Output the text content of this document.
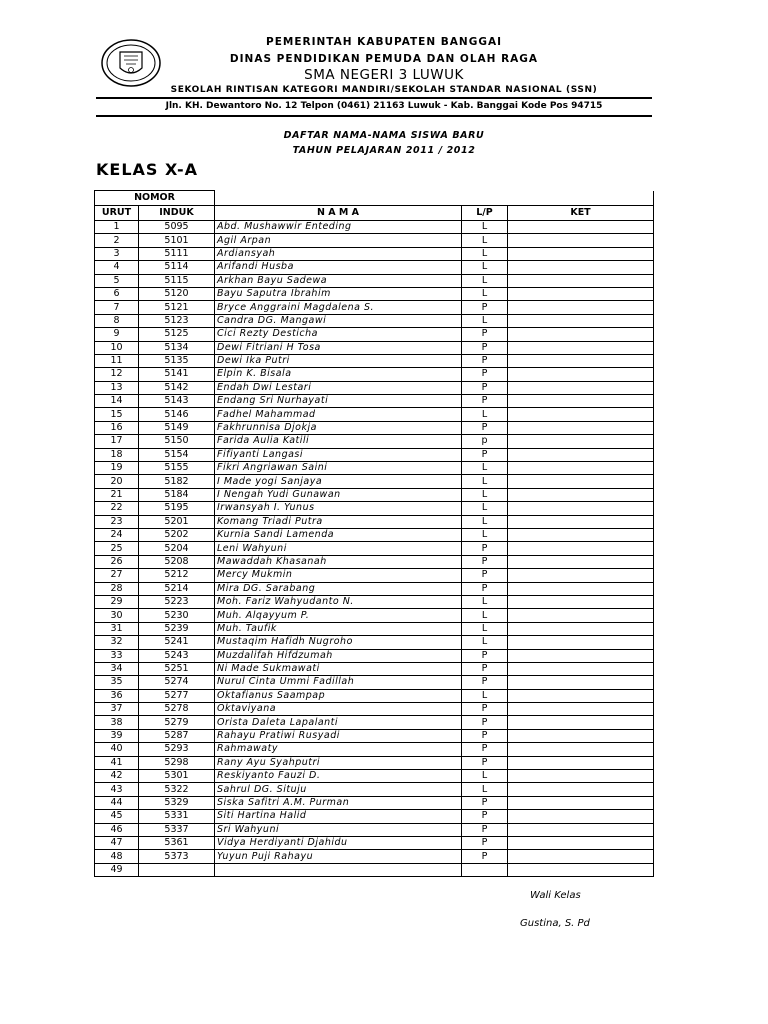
PEMERINTAH KABUPATEN BANGGAI
DINAS PENDIDIKAN PEMUDA DAN OLAH RAGA
SMA NEGERI 3 LUWUK
SEKOLAH RINTISAN KATEGORI MANDIRI/SEKOLAH STANDAR NASIONAL (SSN)
Jln. KH. Dewantoro No. 12 Telpon (0461) 21163 Luwuk - Kab. Banggai Kode Pos 94715
DAFTAR NAMA-NAMA SISWA BARU
TAHUN PELAJARAN 2011 / 2012
KELAS X-A
NOMOR				
URUT	INDUK	N A M A	L/P	KET
1	5095	Abd. Mushawwir Enteding	L	
2	5101	Agil Arpan	L	
3	5111	Ardiansyah	L	
4	5114	Arifandi Husba	L	
5	5115	Arkhan Bayu Sadewa	L	
6	5120	Bayu Saputra Ibrahim	L	
7	5121	Bryce Anggraini Magdalena S.	P	
8	5123	Candra DG. Mangawi	L	
9	5125	Cici Rezty Desticha	P	
10	5134	Dewi Fitriani H Tosa	P	
11	5135	Dewi Ika Putri	P	
12	5141	Elpin K. Bisala	P	
13	5142	Endah Dwi Lestari	P	
14	5143	Endang Sri Nurhayati	P	
15	5146	Fadhel Mahammad	L	
16	5149	Fakhrunnisa Djokja	P	
17	5150	Farida Aulia Katili	p	
18	5154	Fifiyanti Langasi	P	
19	5155	Fikri Angriawan Saini	L	
20	5182	I Made yogi Sanjaya	L	
21	5184	I Nengah Yudi Gunawan	L	
22	5195	Irwansyah I. Yunus	L	
23	5201	Komang Triadi Putra	L	
24	5202	Kurnia Sandi Lamenda	L	
25	5204	Leni Wahyuni	P	
26	5208	Mawaddah Khasanah	P	
27	5212	Mercy Mukmin	P	
28	5214	Mira DG. Sarabang	P	
29	5223	Moh. Fariz Wahyudanto N.	L	
30	5230	Muh. Alqayyum P.	L	
31	5239	Muh. Taufik	L	
32	5241	Mustaqim Hafidh Nugroho	L	
33	5243	Muzdalifah Hifdzumah	P	
34	5251	Ni Made Sukmawati	P	
35	5274	Nurul Cinta Ummi Fadillah	P	
36	5277	Oktafianus Saampap	L	
37	5278	Oktaviyana	P	
38	5279	Orista Daleta Lapalanti	P	
39	5287	Rahayu Pratiwi Rusyadi	P	
40	5293	Rahmawaty	P	
41	5298	Rany Ayu Syahputri	P	
42	5301	Reskiyanto Fauzi D.	L	
43	5322	Sahrul DG. Situju	L	
44	5329	Siska Safitri A.M. Purman	P	
45	5331	Siti Hartina Halid	P	
46	5337	Sri Wahyuni	P	
47	5361	Vidya Herdiyanti Djahidu	P	
48	5373	Yuyun Puji Rahayu	P	
49				
Wali Kelas
Gustina, S. Pd
